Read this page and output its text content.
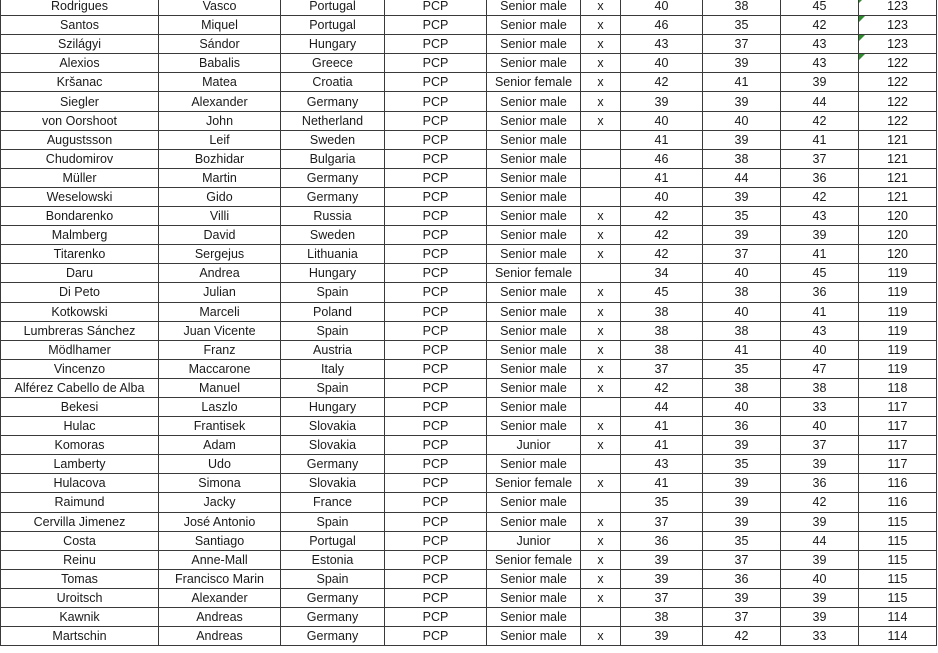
Rodrigues	Vasco	Portugal	PCP	Senior male	x	40	38	45	123

Santos	Miquel	Portugal	PCP	Senior male	x	46	35	42	123

Szilágyi	Sándor	Hungary	PCP	Senior male	x	43	37	43	123

Alexios	Babalis	Greece	PCP	Senior male	x	40	39	43	122

Kršanac	Matea	Croatia	PCP	Senior female	x	42	41	39	122
Siegler	Alexander	Germany	PCP	Senior male	x	39	39	44	122
von Oorshoot	John	Netherland	PCP	Senior male	x	40	40	42	122
Augustsson	Leif	Sweden	PCP	Senior male		41	39	41	121
Chudomirov	Bozhidar	Bulgaria	PCP	Senior male		46	38	37	121
Müller	Martin	Germany	PCP	Senior male		41	44	36	121
Weselowski	Gido	Germany	PCP	Senior male		40	39	42	121
Bondarenko	Villi	Russia	PCP	Senior male	x	42	35	43	120
Malmberg	David	Sweden	PCP	Senior male	x	42	39	39	120
Titarenko	Sergejus	Lithuania	PCP	Senior male	x	42	37	41	120
Daru	Andrea	Hungary	PCP	Senior female		34	40	45	119
Di Peto	Julian	Spain	PCP	Senior male	x	45	38	36	119
Kotkowski	Marceli	Poland	PCP	Senior male	x	38	40	41	119
Lumbreras Sánchez	Juan Vicente	Spain	PCP	Senior male	x	38	38	43	119
Mödlhamer	Franz	Austria	PCP	Senior male	x	38	41	40	119
Vincenzo	Maccarone	Italy	PCP	Senior male	x	37	35	47	119
Alférez Cabello de Alba	Manuel	Spain	PCP	Senior male	x	42	38	38	118
Bekesi	Laszlo	Hungary	PCP	Senior male		44	40	33	117
Hulac	Frantisek	Slovakia	PCP	Senior male	x	41	36	40	117
Komoras	Adam	Slovakia	PCP	Junior	x	41	39	37	117
Lamberty	Udo	Germany	PCP	Senior male		43	35	39	117
Hulacova	Simona	Slovakia	PCP	Senior female	x	41	39	36	116
Raimund	Jacky	France	PCP	Senior male		35	39	42	116
Cervilla Jimenez	José Antonio	Spain	PCP	Senior male	x	37	39	39	115
Costa	Santiago	Portugal	PCP	Junior	x	36	35	44	115
Reinu	Anne-Mall	Estonia	PCP	Senior female	x	39	37	39	115
Tomas	Francisco Marin	Spain	PCP	Senior male	x	39	36	40	115
Uroitsch	Alexander	Germany	PCP	Senior male	x	37	39	39	115
Kawnik	Andreas	Germany	PCP	Senior male		38	37	39	114
Martschin	Andreas	Germany	PCP	Senior male	x	39	42	33	114
